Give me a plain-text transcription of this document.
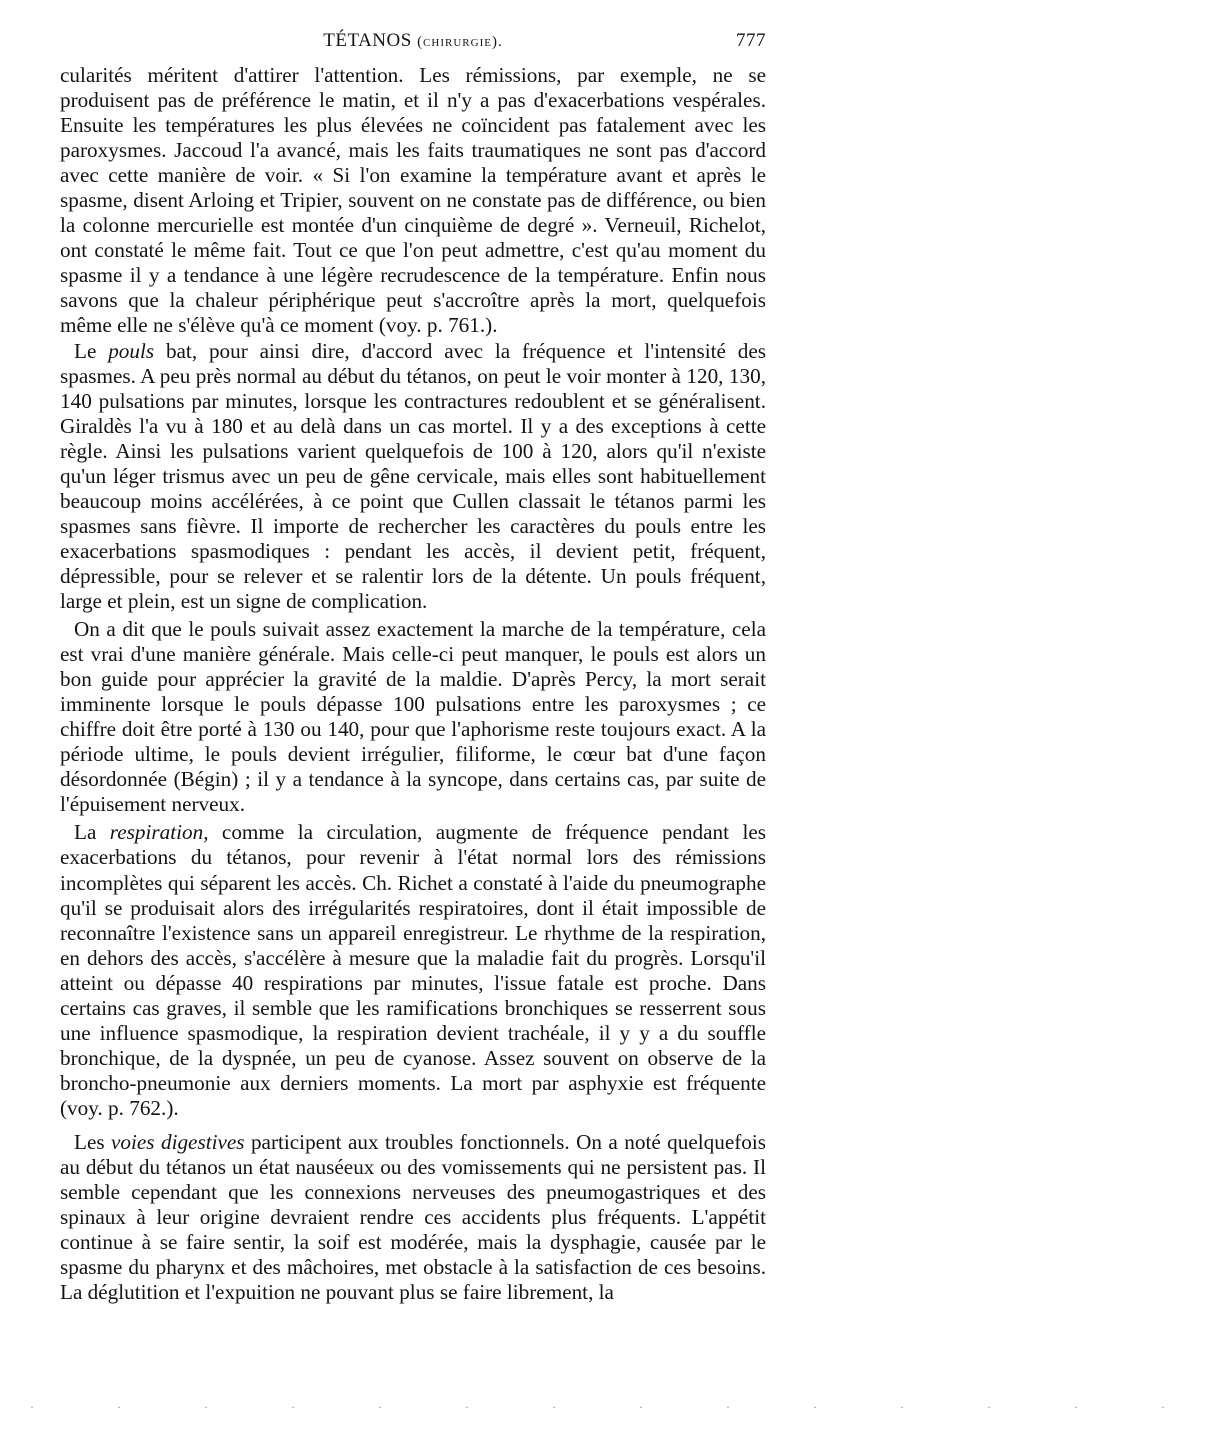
TÉTANOS (chirurgie).	777

cularités méritent d'attirer l'attention. Les rémissions, par exemple, ne se produisent pas de préférence le matin, et il n'y a pas d'exacerbations vespérales. Ensuite les températures les plus élevées ne coïncident pas fatalement avec les paroxysmes. Jaccoud l'a avancé, mais les faits traumatiques ne sont pas d'accord avec cette manière de voir. « Si l'on examine la température avant et après le spasme, disent Arloing et Tripier, souvent on ne constate pas de différence, ou bien la colonne mercurielle est montée d'un cinquième de degré ». Verneuil, Richelot, ont constaté le même fait. Tout ce que l'on peut admettre, c'est qu'au moment du spasme il y a tendance à une légère recrudescence de la température. Enfin nous savons que la chaleur périphérique peut s'accroître après la mort, quelquefois même elle ne s'élève qu'à ce moment (voy. p. 761.).

Le pouls bat, pour ainsi dire, d'accord avec la fréquence et l'intensité des spasmes. A peu près normal au début du tétanos, on peut le voir monter à 120, 130, 140 pulsations par minutes, lorsque les contractures redoublent et se généralisent. Giraldès l'a vu à 180 et au delà dans un cas mortel. Il y a des exceptions à cette règle. Ainsi les pulsations varient quelquefois de 100 à 120, alors qu'il n'existe qu'un léger trismus avec un peu de gêne cervicale, mais elles sont habituellement beaucoup moins accélérées, à ce point que Cullen classait le tétanos parmi les spasmes sans fièvre. Il importe de rechercher les caractères du pouls entre les exacerbations spasmodiques : pendant les accès, il devient petit, fréquent, dépressible, pour se relever et se ralentir lors de la détente. Un pouls fréquent, large et plein, est un signe de complication.

On a dit que le pouls suivait assez exactement la marche de la température, cela est vrai d'une manière générale. Mais celle-ci peut manquer, le pouls est alors un bon guide pour apprécier la gravité de la maldie. D'après Percy, la mort serait imminente lorsque le pouls dépasse 100 pulsations entre les paroxysmes ; ce chiffre doit être porté à 130 ou 140, pour que l'aphorisme reste toujours exact. A la période ultime, le pouls devient irrégulier, filiforme, le cœur bat d'une façon désordonnée (Bégin) ; il y a tendance à la syncope, dans certains cas, par suite de l'épuisement nerveux.

La respiration, comme la circulation, augmente de fréquence pendant les exacerbations du tétanos, pour revenir à l'état normal lors des rémissions incomplètes qui séparent les accès. Ch. Richet a constaté à l'aide du pneumographe qu'il se produisait alors des irrégularités respiratoires, dont il était impossible de reconnaître l'existence sans un appareil enregistreur. Le rhythme de la respiration, en dehors des accès, s'accélère à mesure que la maladie fait du progrès. Lorsqu'il atteint ou dépasse 40 respirations par minutes, l'issue fatale est proche. Dans certains cas graves, il semble que les ramifications bronchiques se resserrent sous une influence spasmodique, la respiration devient trachéale, il y y a du souffle bronchique, de la dyspnée, un peu de cyanose. Assez souvent on observe de la broncho-pneumonie aux derniers moments. La mort par asphyxie est fréquente (voy. p. 762.).

Les voies digestives participent aux troubles fonctionnels. On a noté quelquefois au début du tétanos un état nauséeux ou des vomissements qui ne persistent pas. Il semble cependant que les connexions nerveuses des pneumogastriques et des spinaux à leur origine devraient rendre ces accidents plus fréquents. L'appétit continue à se faire sentir, la soif est modérée, mais la dysphagie, causée par le spasme du pharynx et des mâchoires, met obstacle à la satisfaction de ces besoins. La déglutition et l'expuition ne pouvant plus se faire librement, la

· · · · · · · · · · · · · ·
